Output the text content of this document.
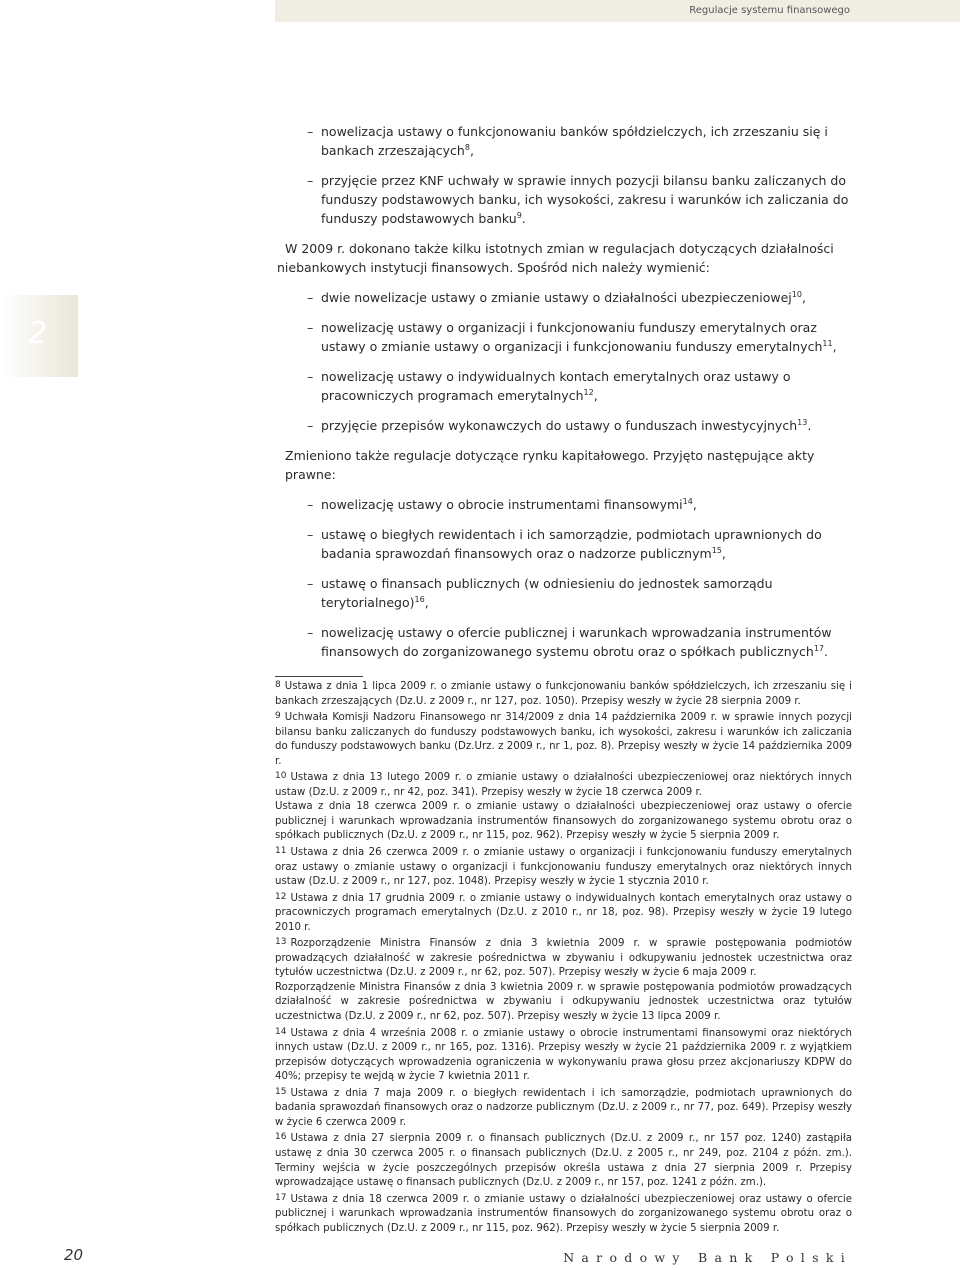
Regulacje systemu finansowego
2
– nowelizacja ustawy o funkcjonowaniu banków spółdzielczych, ich zrzeszaniu się i bankach zrzeszających$^8$,
– przyjęcie przez KNF uchwały w sprawie innych pozycji bilansu banku zaliczanych do funduszy podstawowych banku, ich wysokości, zakresu i warunków ich zaliczania do funduszy podstawowych banku$^9$.

W 2009 r. dokonano także kilku istotnych zmian w regulacjach dotyczących działalności niebankowych instytucji finansowych. Spośród nich należy wymienić:

– dwie nowelizacje ustawy o zmianie ustawy o działalności ubezpieczeniowej$^{10}$,
– nowelizację ustawy o organizacji i funkcjonowaniu funduszy emerytalnych oraz ustawy o zmianie ustawy o organizacji i funkcjonowaniu funduszy emerytalnych$^{11}$,
– nowelizację ustawy o indywidualnych kontach emerytalnych oraz ustawy o pracowniczych programach emerytalnych$^{12}$,
– przyjęcie przepisów wykonawczych do ustawy o funduszach inwestycyjnych$^{13}$.

Zmieniono także regulacje dotyczące rynku kapitałowego. Przyjęto następujące akty prawne:

– nowelizację ustawy o obrocie instrumentami finansowymi$^{14}$,
– ustawę o biegłych rewidentach i ich samorządzie, podmiotach uprawnionych do badania sprawozdań finansowych oraz o nadzorze publicznym$^{15}$,
– ustawę o finansach publicznych (w odniesieniu do jednostek samorządu terytorialnego)$^{16}$,
– nowelizację ustawy o ofercie publicznej i warunkach wprowadzania instrumentów finansowych do zorganizowanego systemu obrotu oraz o spółkach publicznych$^{17}$.

8 Ustawa z dnia 1 lipca 2009 r. o zmianie ustawy o funkcjonowaniu banków spółdzielczych, ich zrzeszaniu się i bankach zrzeszających (Dz.U. z 2009 r., nr 127, poz. 1050). Przepisy weszły w życie 28 sierpnia 2009 r.

9 Uchwała Komisji Nadzoru Finansowego nr 314/2009 z dnia 14 października 2009 r. w sprawie innych pozycji bilansu banku zaliczanych do funduszy podstawowych banku, ich wysokości, zakresu i warunków ich zaliczania do funduszy podstawowych banku (Dz.Urz. z 2009 r., nr 1, poz. 8). Przepisy weszły w życie 14 października 2009 r.

10 Ustawa z dnia 13 lutego 2009 r. o zmianie ustawy o działalności ubezpieczeniowej oraz niektórych innych ustaw (Dz.U. z 2009 r., nr 42, poz. 341). Przepisy weszły w życie 18 czerwca 2009 r.

Ustawa z dnia 18 czerwca 2009 r. o zmianie ustawy o działalności ubezpieczeniowej oraz ustawy o ofercie publicznej i warunkach wprowadzania instrumentów finansowych do zorganizowanego systemu obrotu oraz o spółkach publicznych (Dz.U. z 2009 r., nr 115, poz. 962). Przepisy weszły w życie 5 sierpnia 2009 r.

11 Ustawa z dnia 26 czerwca 2009 r. o zmianie ustawy o organizacji i funkcjonowaniu funduszy emerytalnych oraz ustawy o zmianie ustawy o organizacji i funkcjonowaniu funduszy emerytalnych oraz niektórych innych ustaw (Dz.U. z 2009 r., nr 127, poz. 1048). Przepisy weszły w życie 1 stycznia 2010 r.

12 Ustawa z dnia 17 grudnia 2009 r. o zmianie ustawy o indywidualnych kontach emerytalnych oraz ustawy o pracowniczych programach emerytalnych (Dz.U. z 2010 r., nr 18, poz. 98). Przepisy weszły w życie 19 lutego 2010 r.

13 Rozporządzenie Ministra Finansów z dnia 3 kwietnia 2009 r. w sprawie postępowania podmiotów prowadzących działalność w zakresie pośrednictwa w zbywaniu i odkupywaniu jednostek uczestnictwa oraz tytułów uczestnictwa (Dz.U. z 2009 r., nr 62, poz. 507). Przepisy weszły w życie 6 maja 2009 r.

Rozporządzenie Ministra Finansów z dnia 3 kwietnia 2009 r. w sprawie postępowania podmiotów prowadzących działalność w zakresie pośrednictwa w zbywaniu i odkupywaniu jednostek uczestnictwa oraz tytułów uczestnictwa (Dz.U. z 2009 r., nr 62, poz. 507). Przepisy weszły w życie 13 lipca 2009 r.

14 Ustawa z dnia 4 września 2008 r. o zmianie ustawy o obrocie instrumentami finansowymi oraz niektórych innych ustaw (Dz.U. z 2009 r., nr 165, poz. 1316). Przepisy weszły w życie 21 października 2009 r. z wyjątkiem przepisów dotyczących wprowadzenia ograniczenia w wykonywaniu prawa głosu przez akcjonariuszy KDPW do 40%; przepisy te wejdą w życie 7 kwietnia 2011 r.

15 Ustawa z dnia 7 maja 2009 r. o biegłych rewidentach i ich samorządzie, podmiotach uprawnionych do badania sprawozdań finansowych oraz o nadzorze publicznym (Dz.U. z 2009 r., nr 77, poz. 649). Przepisy weszły w życie 6 czerwca 2009 r.

16 Ustawa z dnia 27 sierpnia 2009 r. o finansach publicznych (Dz.U. z 2009 r., nr 157 poz. 1240) zastąpiła ustawę z dnia 30 czerwca 2005 r. o finansach publicznych (Dz.U. z 2005 r., nr 249, poz. 2104 z późn. zm.). Terminy wejścia w życie poszczególnych przepisów określa ustawa z dnia 27 sierpnia 2009 r. Przepisy wprowadzające ustawę o finansach publicznych (Dz.U. z 2009 r., nr 157, poz. 1241 z późn. zm.).

17 Ustawa z dnia 18 czerwca 2009 r. o zmianie ustawy o działalności ubezpieczeniowej oraz ustawy o ofercie publicznej i warunkach wprowadzania instrumentów finansowych do zorganizowanego systemu obrotu oraz o spółkach publicznych (Dz.U. z 2009 r., nr 115, poz. 962). Przepisy weszły w życie 5 sierpnia 2009 r.

20	Narodowy Bank Polski
